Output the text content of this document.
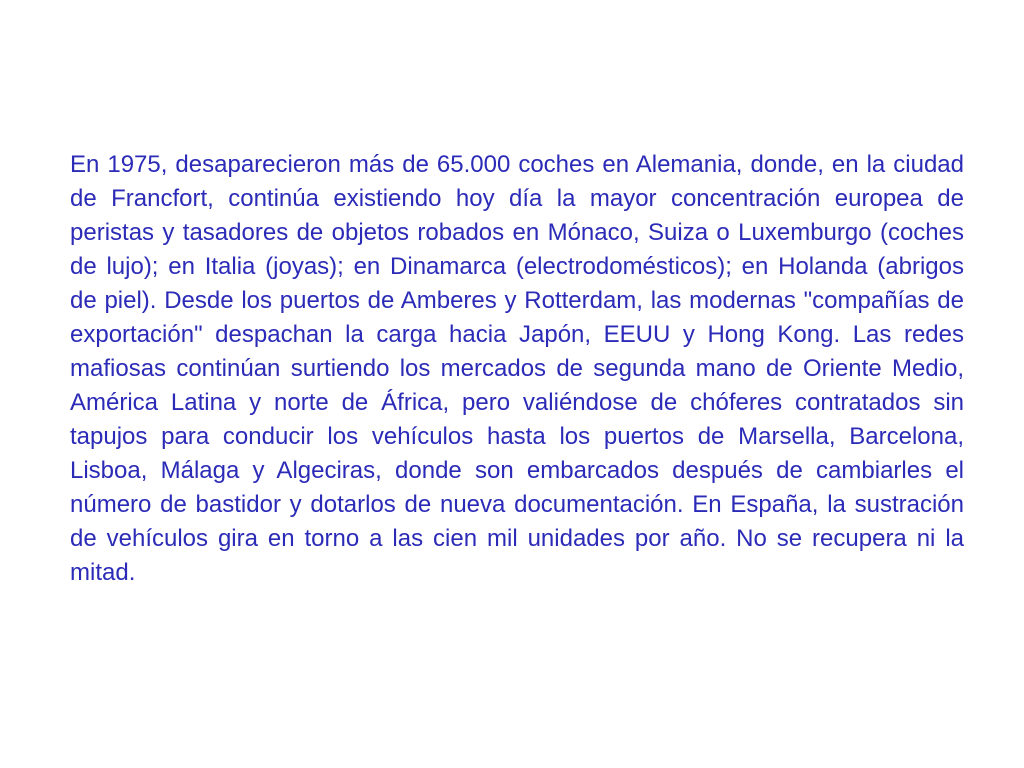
En 1975, desaparecieron más de 65.000 coches en Alemania, donde, en la ciudad de Francfort, continúa existiendo hoy día la mayor concentración europea de peristas y tasadores de objetos robados en Mónaco, Suiza o Luxemburgo (coches de lujo); en Italia (joyas); en Dinamarca (electrodomésticos); en Holanda (abrigos de piel). Desde los puertos de Amberes y Rotterdam, las modernas "compañías de exportación" despachan la carga hacia Japón, EEUU y Hong Kong. Las redes mafiosas continúan surtiendo los mercados de segunda mano de Oriente Medio, América Latina y norte de África, pero valiéndose de chóferes contratados sin tapujos para conducir los vehículos hasta los puertos de Marsella, Barcelona, Lisboa, Málaga y Algeciras, donde son embarcados después de cambiarles el número de bastidor y dotarlos de nueva documentación. En España, la sustración de vehículos gira en torno a las cien mil unidades por año. No se recupera ni la mitad.
